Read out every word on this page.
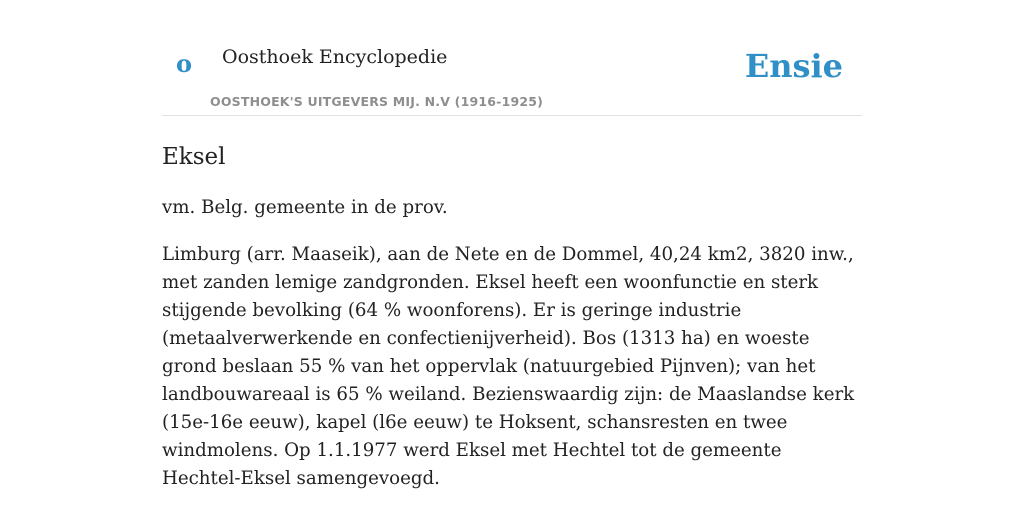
o Oosthoek Encyclopedie	Ensie
OOSTHOEK'S UITGEVERS MIJ. N.V (1916-1925)
Eksel

vm. Belg. gemeente in de prov.

Limburg (arr. Maaseik), aan de Nete en de Dommel, 40,24 km2, 3820 inw., met zanden lemige zandgronden. Eksel heeft een woonfunctie en sterk stijgende bevolking (64 % woonforens). Er is geringe industrie (metaalverwerkende en confectienijverheid). Bos (1313 ha) en woeste grond beslaan 55 % van het oppervlak (natuurgebied Pijnven); van het landbouwareaal is 65 % weiland. Bezienswaardig zijn: de Maaslandse kerk (15e-16e eeuw), kapel (l6e eeuw) te Hoksent, schansresten en twee windmolens. Op 1.1.1977 werd Eksel met Hechtel tot de gemeente Hechtel-Eksel samengevoegd.
